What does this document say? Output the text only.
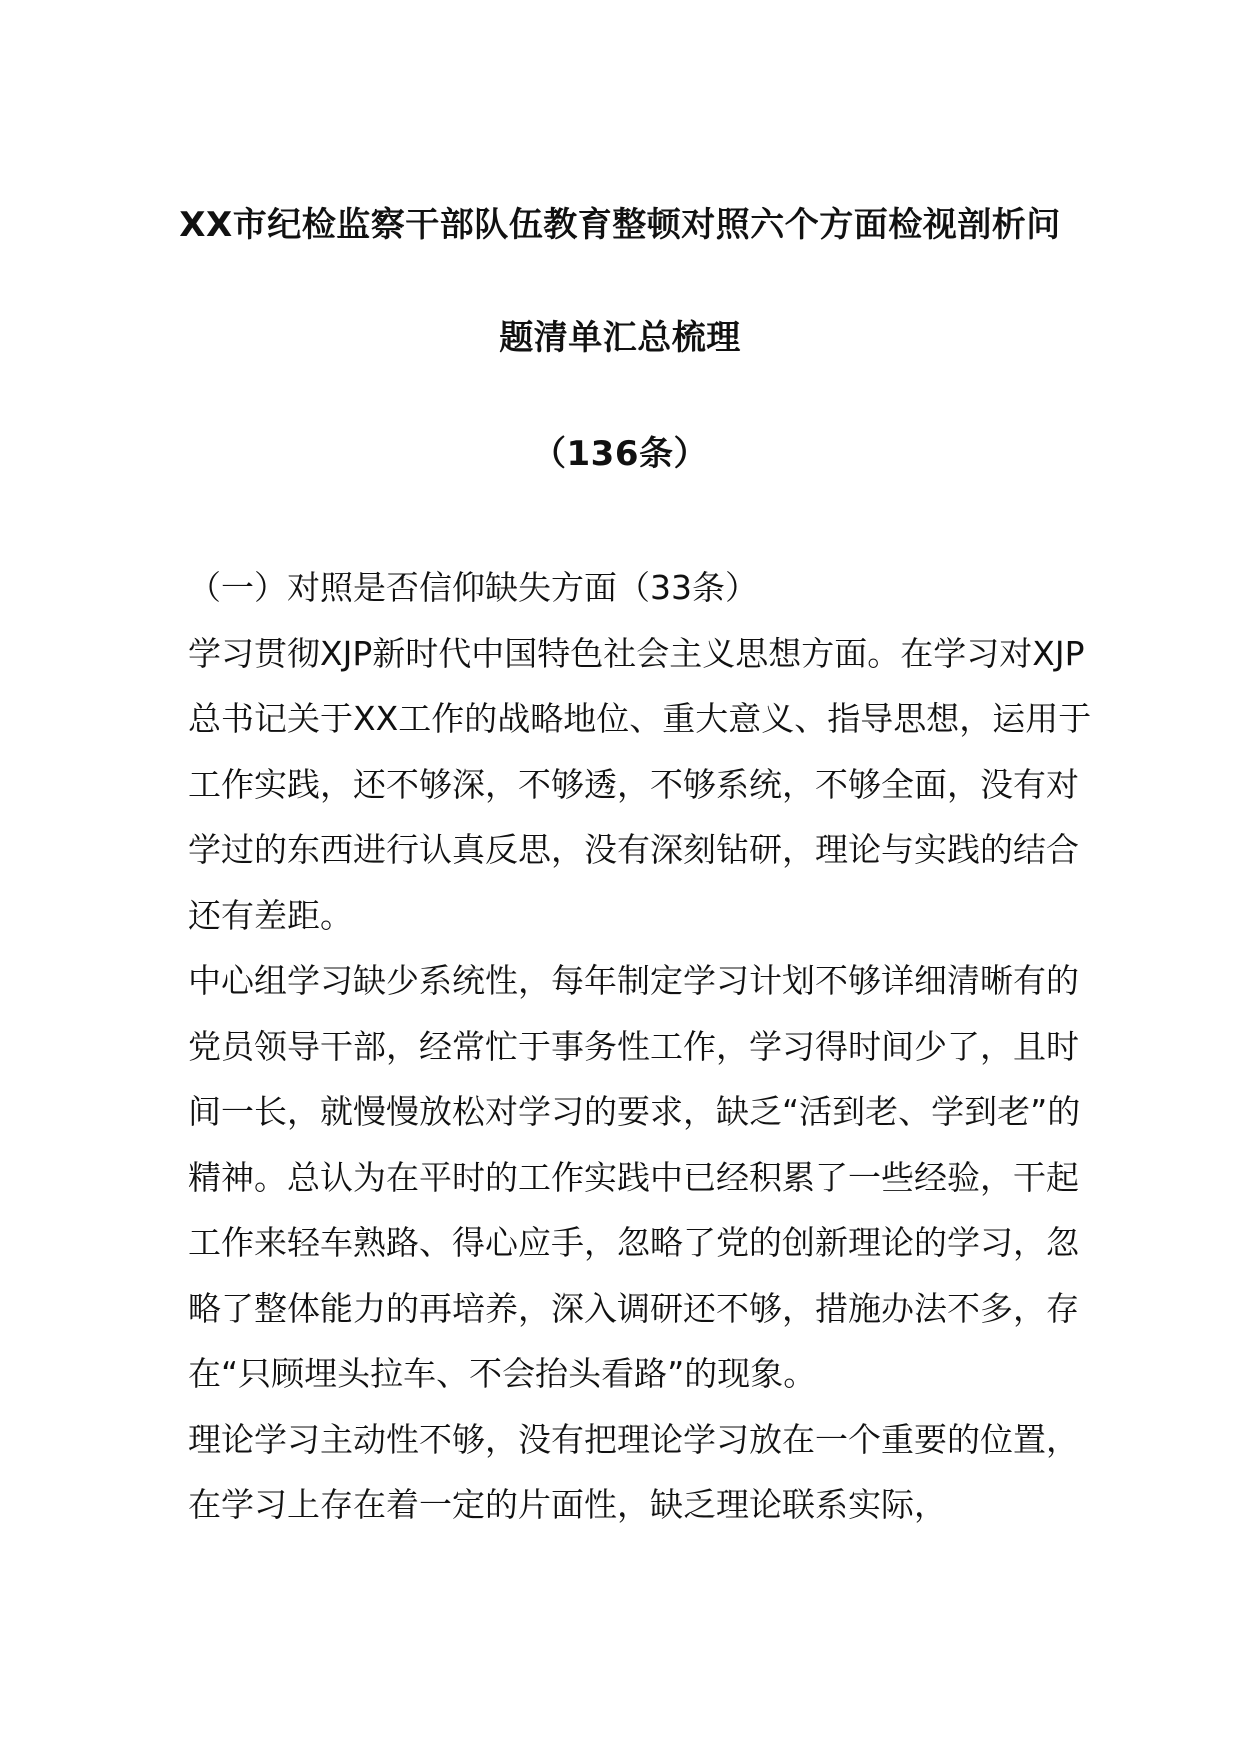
XX市纪检监察干部队伍教育整顿对照六个方面检视剖析问
题清单汇总梳理
（136条）

（一）对照是否信仰缺失方面（33条）

学习贯彻XJP新时代中国特色社会主义思想方面。在学习对XJP总书记关于XX工作的战略地位、重大意义、指导思想，运用于工作实践，还不够深，不够透，不够系统，不够全面，没有对学过的东西进行认真反思，没有深刻钻研，理论与实践的结合还有差距。

中心组学习缺少系统性，每年制定学习计划不够详细清晰有的党员领导干部，经常忙于事务性工作，学习得时间少了，且时间一长，就慢慢放松对学习的要求，缺乏“活到老、学到老”的精神。总认为在平时的工作实践中已经积累了一些经验，干起工作来轻车熟路、得心应手，忽略了党的创新理论的学习，忽略了整体能力的再培养，深入调研还不够，措施办法不多，存在“只顾埋头拉车、不会抬头看路”的现象。

理论学习主动性不够，没有把理论学习放在一个重要的位置，在学习上存在着一定的片面性，缺乏理论联系实际，
